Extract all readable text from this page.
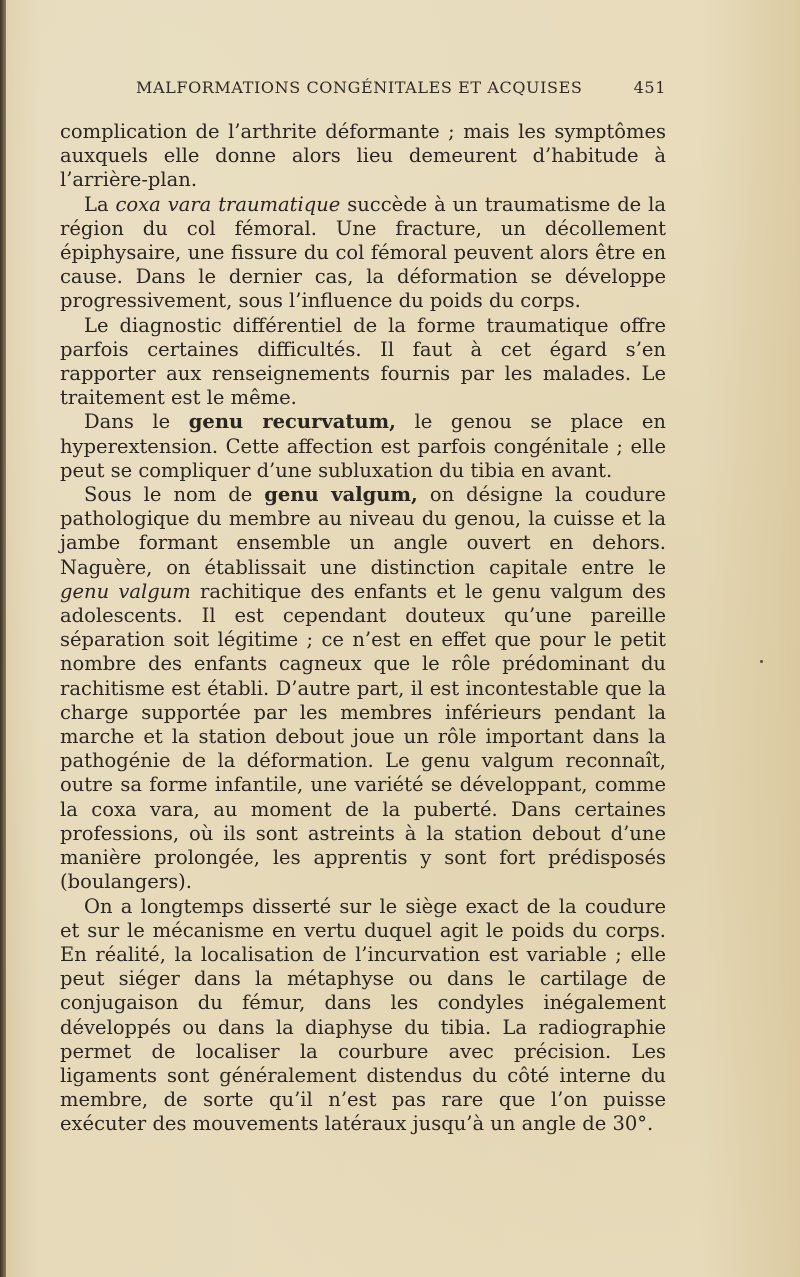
MALFORMATIONS CONGÉNITALES ET ACQUISES	451

complication de l’arthrite déformante ; mais les symptômes auxquels elle donne alors lieu demeurent d’habitude à l’arrière-plan.

La coxa vara traumatique succède à un traumatisme de la région du col fémoral. Une fracture, un décollement épiphysaire, une fissure du col fémoral peuvent alors être en cause. Dans le dernier cas, la déformation se développe progressivement, sous l’influence du poids du corps.

Le diagnostic différentiel de la forme traumatique offre parfois certaines difficultés. Il faut à cet égard s’en rapporter aux renseignements fournis par les malades. Le traitement est le même.

Dans le genu recurvatum, le genou se place en hyperextension. Cette affection est parfois congénitale ; elle peut se compliquer d’une subluxation du tibia en avant.

Sous le nom de genu valgum, on désigne la coudure pathologique du membre au niveau du genou, la cuisse et la jambe formant ensemble un angle ouvert en dehors. Naguère, on établissait une distinction capitale entre le genu valgum rachitique des enfants et le genu valgum des adolescents. Il est cependant douteux qu’une pareille séparation soit légitime ; ce n’est en effet que pour le petit nombre des enfants cagneux que le rôle prédominant du rachitisme est établi. D’autre part, il est incontestable que la charge supportée par les membres inférieurs pendant la marche et la station debout joue un rôle important dans la pathogénie de la déformation. Le genu valgum reconnaît, outre sa forme infantile, une variété se développant, comme la coxa vara, au moment de la puberté. Dans certaines professions, où ils sont astreints à la station debout d’une manière prolongée, les apprentis y sont fort prédisposés (boulangers).

On a longtemps disserté sur le siège exact de la coudure et sur le mécanisme en vertu duquel agit le poids du corps. En réalité, la localisation de l’incurvation est variable ; elle peut siéger dans la métaphyse ou dans le cartilage de conjugaison du fémur, dans les condyles inégalement développés ou dans la diaphyse du tibia. La radiographie permet de localiser la courbure avec précision. Les ligaments sont généralement distendus du côté interne du membre, de sorte qu’il n’est pas rare que l’on puisse exécuter des mouvements latéraux jusqu’à un angle de 30°.
